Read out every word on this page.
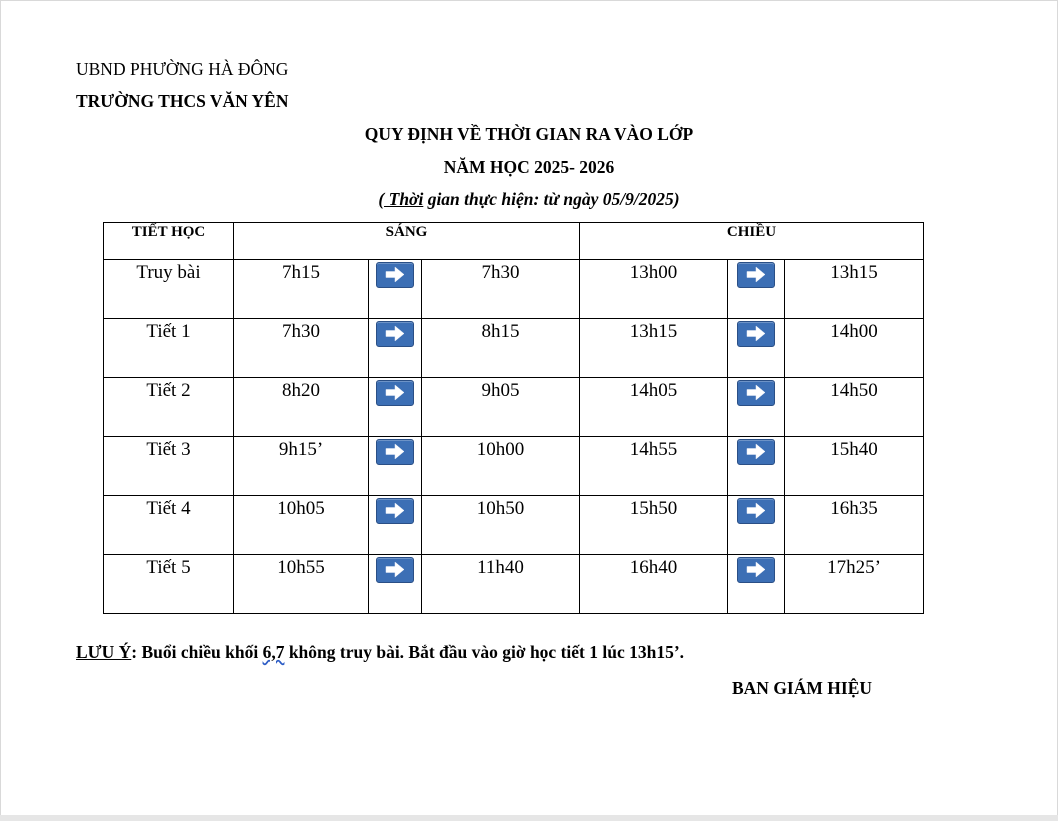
UBND PHƯỜNG HÀ ĐÔNG
TRƯỜNG THCS VĂN YÊN
QUY ĐỊNH VỀ THỜI GIAN RA VÀO LỚP
NĂM HỌC 2025- 2026
( Thời gian thực hiện: từ ngày 05/9/2025)
TIẾT HỌC	SÁNG			CHIỀU		
Truy bài	7h15		7h30	13h00		13h15
Tiết 1	7h30		8h15	13h15		14h00
Tiết 2	8h20		9h05	14h05		14h50
Tiết 3	9h15’		10h00	14h55		15h40
Tiết 4	10h05		10h50	15h50		16h35
Tiết 5	10h55		11h40	16h40		17h25’
LƯU Ý: Buổi chiều khối 6,7 không truy bài. Bắt đầu vào giờ học tiết 1 lúc 13h15’.
BAN GIÁM HIỆU
